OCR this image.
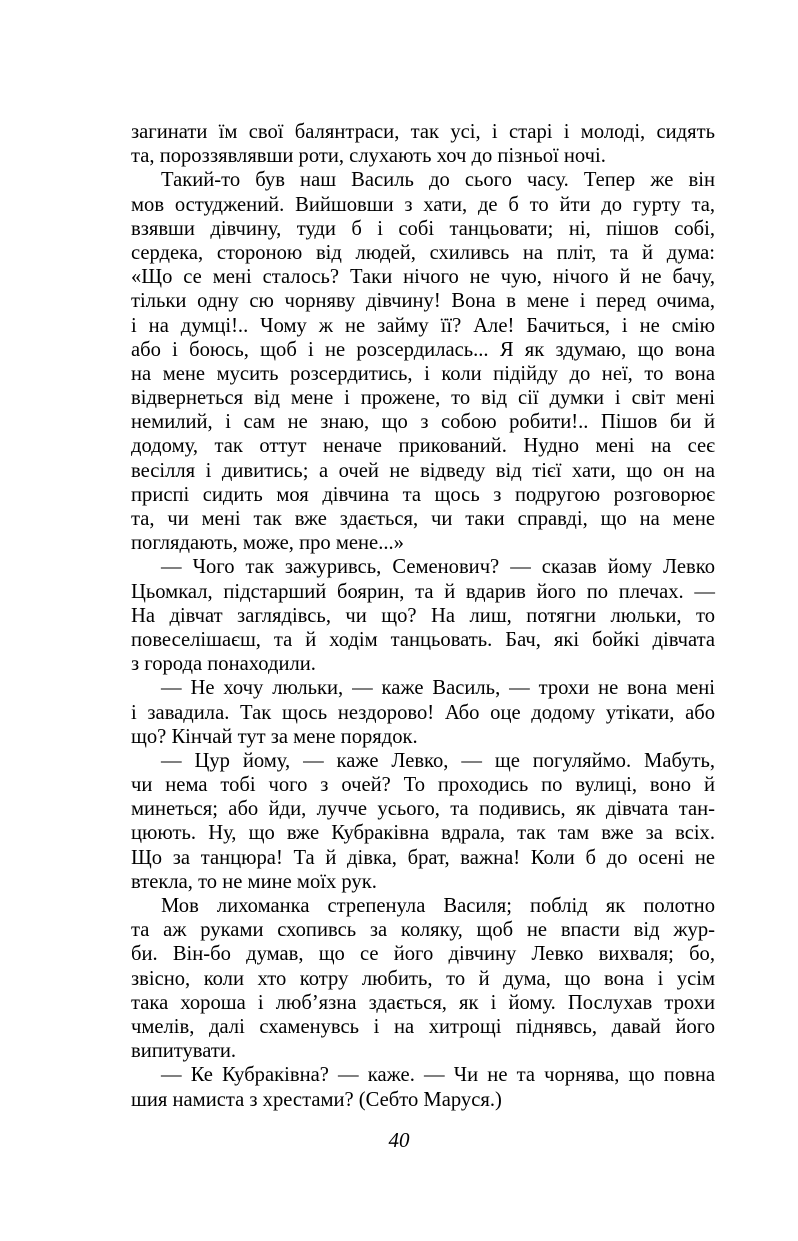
загинати їм свої балянтраси, так усі, і старі і молоді, сидять
та, пороззявлявши роти, слухають хоч до пізньої ночі.
Такий-то був наш Василь до сього часу. Тепер же він
мов остуджений. Вийшовши з хати, де б то йти до гурту та,
взявши дівчину, туди б і собі танцьовати; ні, пішов собі,
сердека, стороною від людей, схиливсь на пліт, та й дума:
«Що се мені сталось? Таки нічого не чую, нічого й не бачу,
тільки одну сю чорняву дівчину! Вона в мене і перед очима,
і на думці!.. Чому ж не займу її? Але! Бачиться, і не смію
або і боюсь, щоб і не розсердилась... Я як здумаю, що вона
на мене мусить розсердитись, і коли підійду до неї, то вона
відвернеться від мене і прожене, то від сії думки і світ мені
немилий, і сам не знаю, що з собою робити!.. Пішов би й
додому, так оттут неначе прикований. Нудно мені на сеє
весілля і дивитись; а очей не відведу від тієї хати, що он на
приспі сидить моя дівчина та щось з подругою розговорює
та, чи мені так вже здається, чи таки справді, що на мене
поглядають, може, про мене...»
— Чого так зажуривсь, Семенович? — сказав йому Левко
Цьомкал, підстарший боярин, та й вдарив його по плечах. —
На дівчат заглядівсь, чи що? На лиш, потягни люльки, то
повеселішаєш, та й ходім танцьовать. Бач, які бойкі дівчата
з города понаходили.
— Не хочу люльки, — каже Василь, — трохи не вона мені
і завадила. Так щось нездорово! Або оце додому утікати, або
що? Кінчай тут за мене порядок.
— Цур йому, — каже Левко, — ще погуляймо. Мабуть,
чи нема тобі чого з очей? То проходись по вулиці, воно й
минеться; або йди, лучче усього, та подивись, як дівчата тан-
цюють. Ну, що вже Кубраківна вдрала, так там вже за всіх.
Що за танцюра! Та й дівка, брат, важна! Коли б до осені не
втекла, то не мине моїх рук.
Мов лихоманка стрепенула Василя; поблід як полотно
та аж руками схопивсь за коляку, щоб не впасти від жур-
би. Він-бо думав, що се його дівчину Левко вихваля; бо,
звісно, коли хто котру любить, то й дума, що вона і усім
така хороша і люб’язна здається, як і йому. Послухав трохи
чмелів, далі схаменувсь і на хитрощі піднявсь, давай його
випитувати.
— Ке Кубраківна? — каже. — Чи не та чорнява, що повна
шия намиста з хрестами? (Себто Маруся.)
40
